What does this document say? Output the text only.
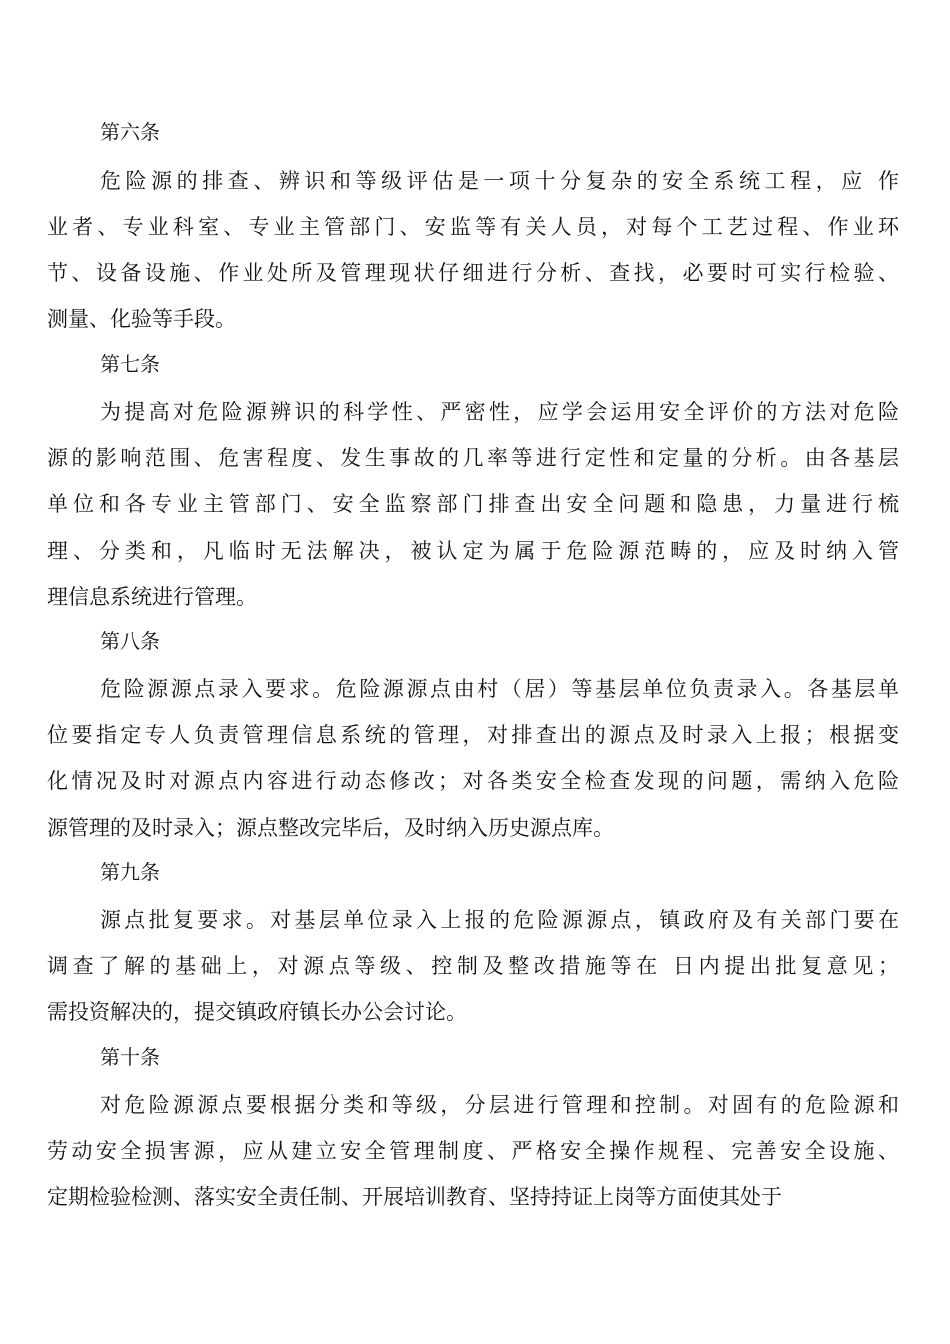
第六条
危险源的排查、辨识和等级评估是一项十分复杂的安全系统工程，应 作
业者、专业科室、专业主管部门、安监等有关人员，对每个工艺过程、作业环
节、设备设施、作业处所及管理现状仔细进行分析、查找，必要时可实行检验、
测量、化验等手段。
第七条
为提高对危险源辨识的科学性、严密性，应学会运用安全评价的方法对危险
源的影响范围、危害程度、发生事故的几率等进行定性和定量的分析。由各基层
单位和各专业主管部门、安全监察部门排查出安全问题和隐患，力量进行梳
理、分类和，凡临时无法解决，被认定为属于危险源范畴的，应及时纳入管
理信息系统进行管理。
第八条
危险源源点录入要求。危险源源点由村（居）等基层单位负责录入。各基层单
位要指定专人负责管理信息系统的管理，对排查出的源点及时录入上报；根据变
化情况及时对源点内容进行动态修改；对各类安全检查发现的问题，需纳入危险
源管理的及时录入；源点整改完毕后，及时纳入历史源点库。
第九条
源点批复要求。对基层单位录入上报的危险源源点，镇政府及有关部门要在
调查了解的基础上，对源点等级、控制及整改措施等在 日内提出批复意见；
需投资解决的，提交镇政府镇长办公会讨论。
第十条
对危险源源点要根据分类和等级，分层进行管理和控制。对固有的危险源和
劳动安全损害源，应从建立安全管理制度、严格安全操作规程、完善安全设施、
定期检验检测、落实安全责任制、开展培训教育、坚持持证上岗等方面使其处于
